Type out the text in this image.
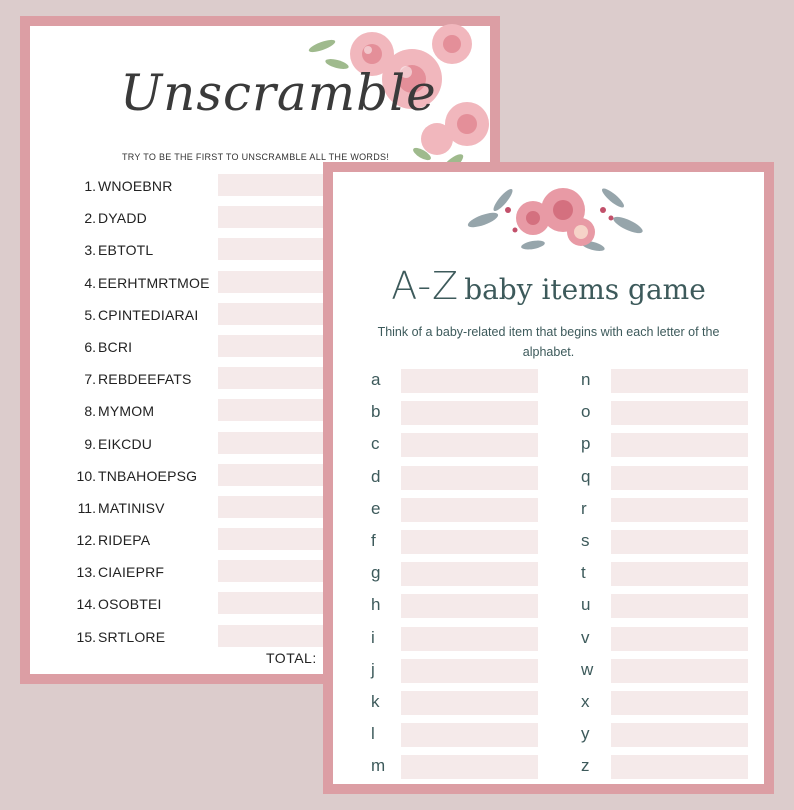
Unscramble
TRY TO BE THE FIRST TO UNSCRAMBLE ALL THE WORDS!
1. WNOEBNR
2. DYADD
3. EBTOTL
4. EERHTMRTMOE
5. CPINTEDIARAI
6. BCRI
7. REBDEEFATS
8. MYMOM
9. EIKCDU
10. TNBAHOEPSG
11. MATINISV
12. RIDEPA
13. CIAIEPRF
14. OSOBTEI
15. SRTLORE
TOTAL:
A-Z baby items game
Think of a baby-related item that begins with each letter of the alphabet.
a
b
c
d
e
f
g
h
i
j
k
l
m
n
o
p
q
r
s
t
u
v
w
x
y
z
